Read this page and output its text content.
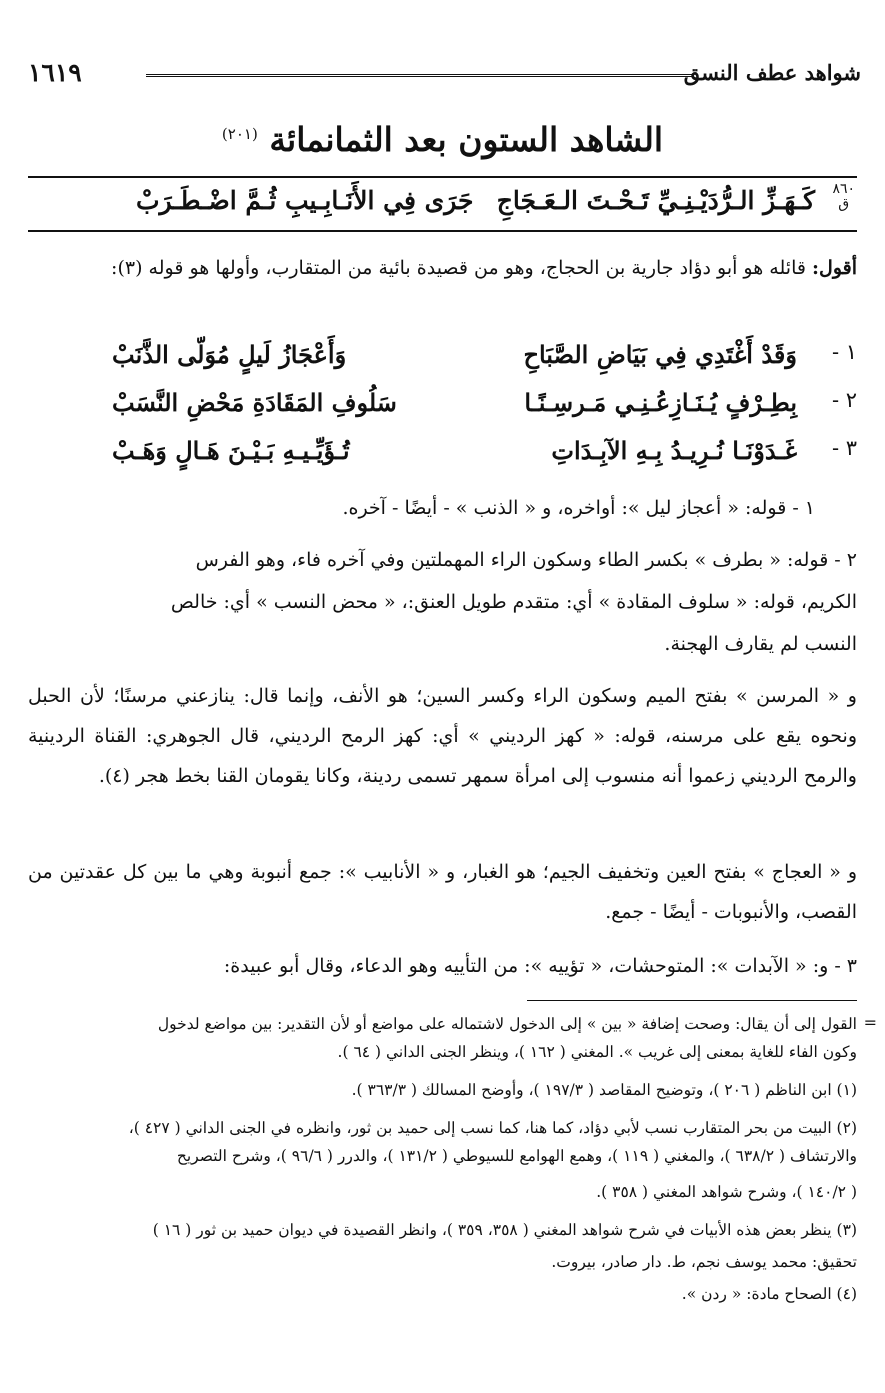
شواهد عطف النسق
١٦١٩
الشاهد الستون بعد الثمانمائة $^{(٢٠١)}$
٨٦٠
ق
كَـهَـزِّ الـرُّدَيْـنِـيِّ تَـحْـتَ الـعَـجَاجِ
جَرَى فِي الأَنَـابِـيبِ ثُـمَّ اضْـطَـرَبْ
أقول: قائله هو أبو دؤاد جارية بن الحجاج، وهو من قصيدة بائية من المتقارب، وأولها هو قوله (٣):
١ -
وَقَدْ أَغْتَدِي فِي بَيَاضِ الصَّبَاحِ
وَأَعْجَازُ لَيلٍ مُوَلّى الذَّنَبْ
٢ -
بِطِـرْفٍ يُـنَـازِعُـنِـي مَـرسِـنًـا
سَلُوفِ المَقَادَةِ مَحْضِ النَّسَبْ
٣ -
غَـدَوْنَـا نُـرِيـدُ بِـهِ الآبِـدَاتِ
تُـؤَيِّـيـهِ بَـيْـنَ هَـالٍ وَهَـبْ
١ - قوله: « أعجاز ليل »: أواخره، و « الذنب » - أيضًا - آخره.
٢ - قوله: « بطرف » بكسر الطاء وسكون الراء المهملتين وفي آخره فاء، وهو الفرس
الكريم، قوله: « سلوف المقادة » أي: متقدم طويل العنق:، « محض النسب » أي: خالص
النسب لم يقارف الهجنة.
و « المرسن » بفتح الميم وسكون الراء وكسر السين؛ هو الأنف، وإنما قال: ينازعني مرسنًا؛ لأن الحبل ونحوه يقع على مرسنه، قوله: « كهز الرديني » أي: كهز الرمح الرديني، قال الجوهري: القناة الردينية والرمح الرديني زعموا أنه منسوب إلى امرأة سمهر تسمى ردينة، وكانا يقومان القنا بخط هجر (٤).
و « العجاج » بفتح العين وتخفيف الجيم؛ هو الغبار، و « الأنابيب »: جمع أنبوبة وهي ما بين كل عقدتين من القصب، والأنبوبات - أيضًا - جمع.
٣ - و: « الآبدات »: المتوحشات، « تؤييه »: من التأييه وهو الدعاء، وقال أبو عبيدة:
=
القول إلى أن يقال: وصحت إضافة « بين » إلى الدخول لاشتماله على مواضع أو لأن التقدير: بين مواضع لدخول
وكون الفاء للغاية بمعنى إلى غريب ». المغني ( ١٦٢ )، وينظر الجنى الداني ( ٦٤ ).
(١) ابن الناظم ( ٢٠٦ )، وتوضيح المقاصد ( ١٩٧/٣ )، وأوضح المسالك ( ٣٦٣/٣ ).
(٢) البيت من بحر المتقارب نسب لأبي دؤاد، كما هنا، كما نسب إلى حميد بن ثور، وانظره في الجنى الداني ( ٤٢٧ )،
والارتشاف ( ٦٣٨/٢ )، والمغني ( ١١٩ )، وهمع الهوامع للسيوطي ( ١٣١/٢ )، والدرر ( ٩٦/٦ )، وشرح التصريح
( ١٤٠/٢ )، وشرح شواهد المغني ( ٣٥٨ ).
(٣) ينظر بعض هذه الأبيات في شرح شواهد المغني ( ٣٥٨، ٣٥٩ )، وانظر القصيدة في ديوان حميد بن ثور ( ١٦ )
تحقيق: محمد يوسف نجم، ط. دار صادر، بيروت.
(٤) الصحاح مادة: « ردن ».
